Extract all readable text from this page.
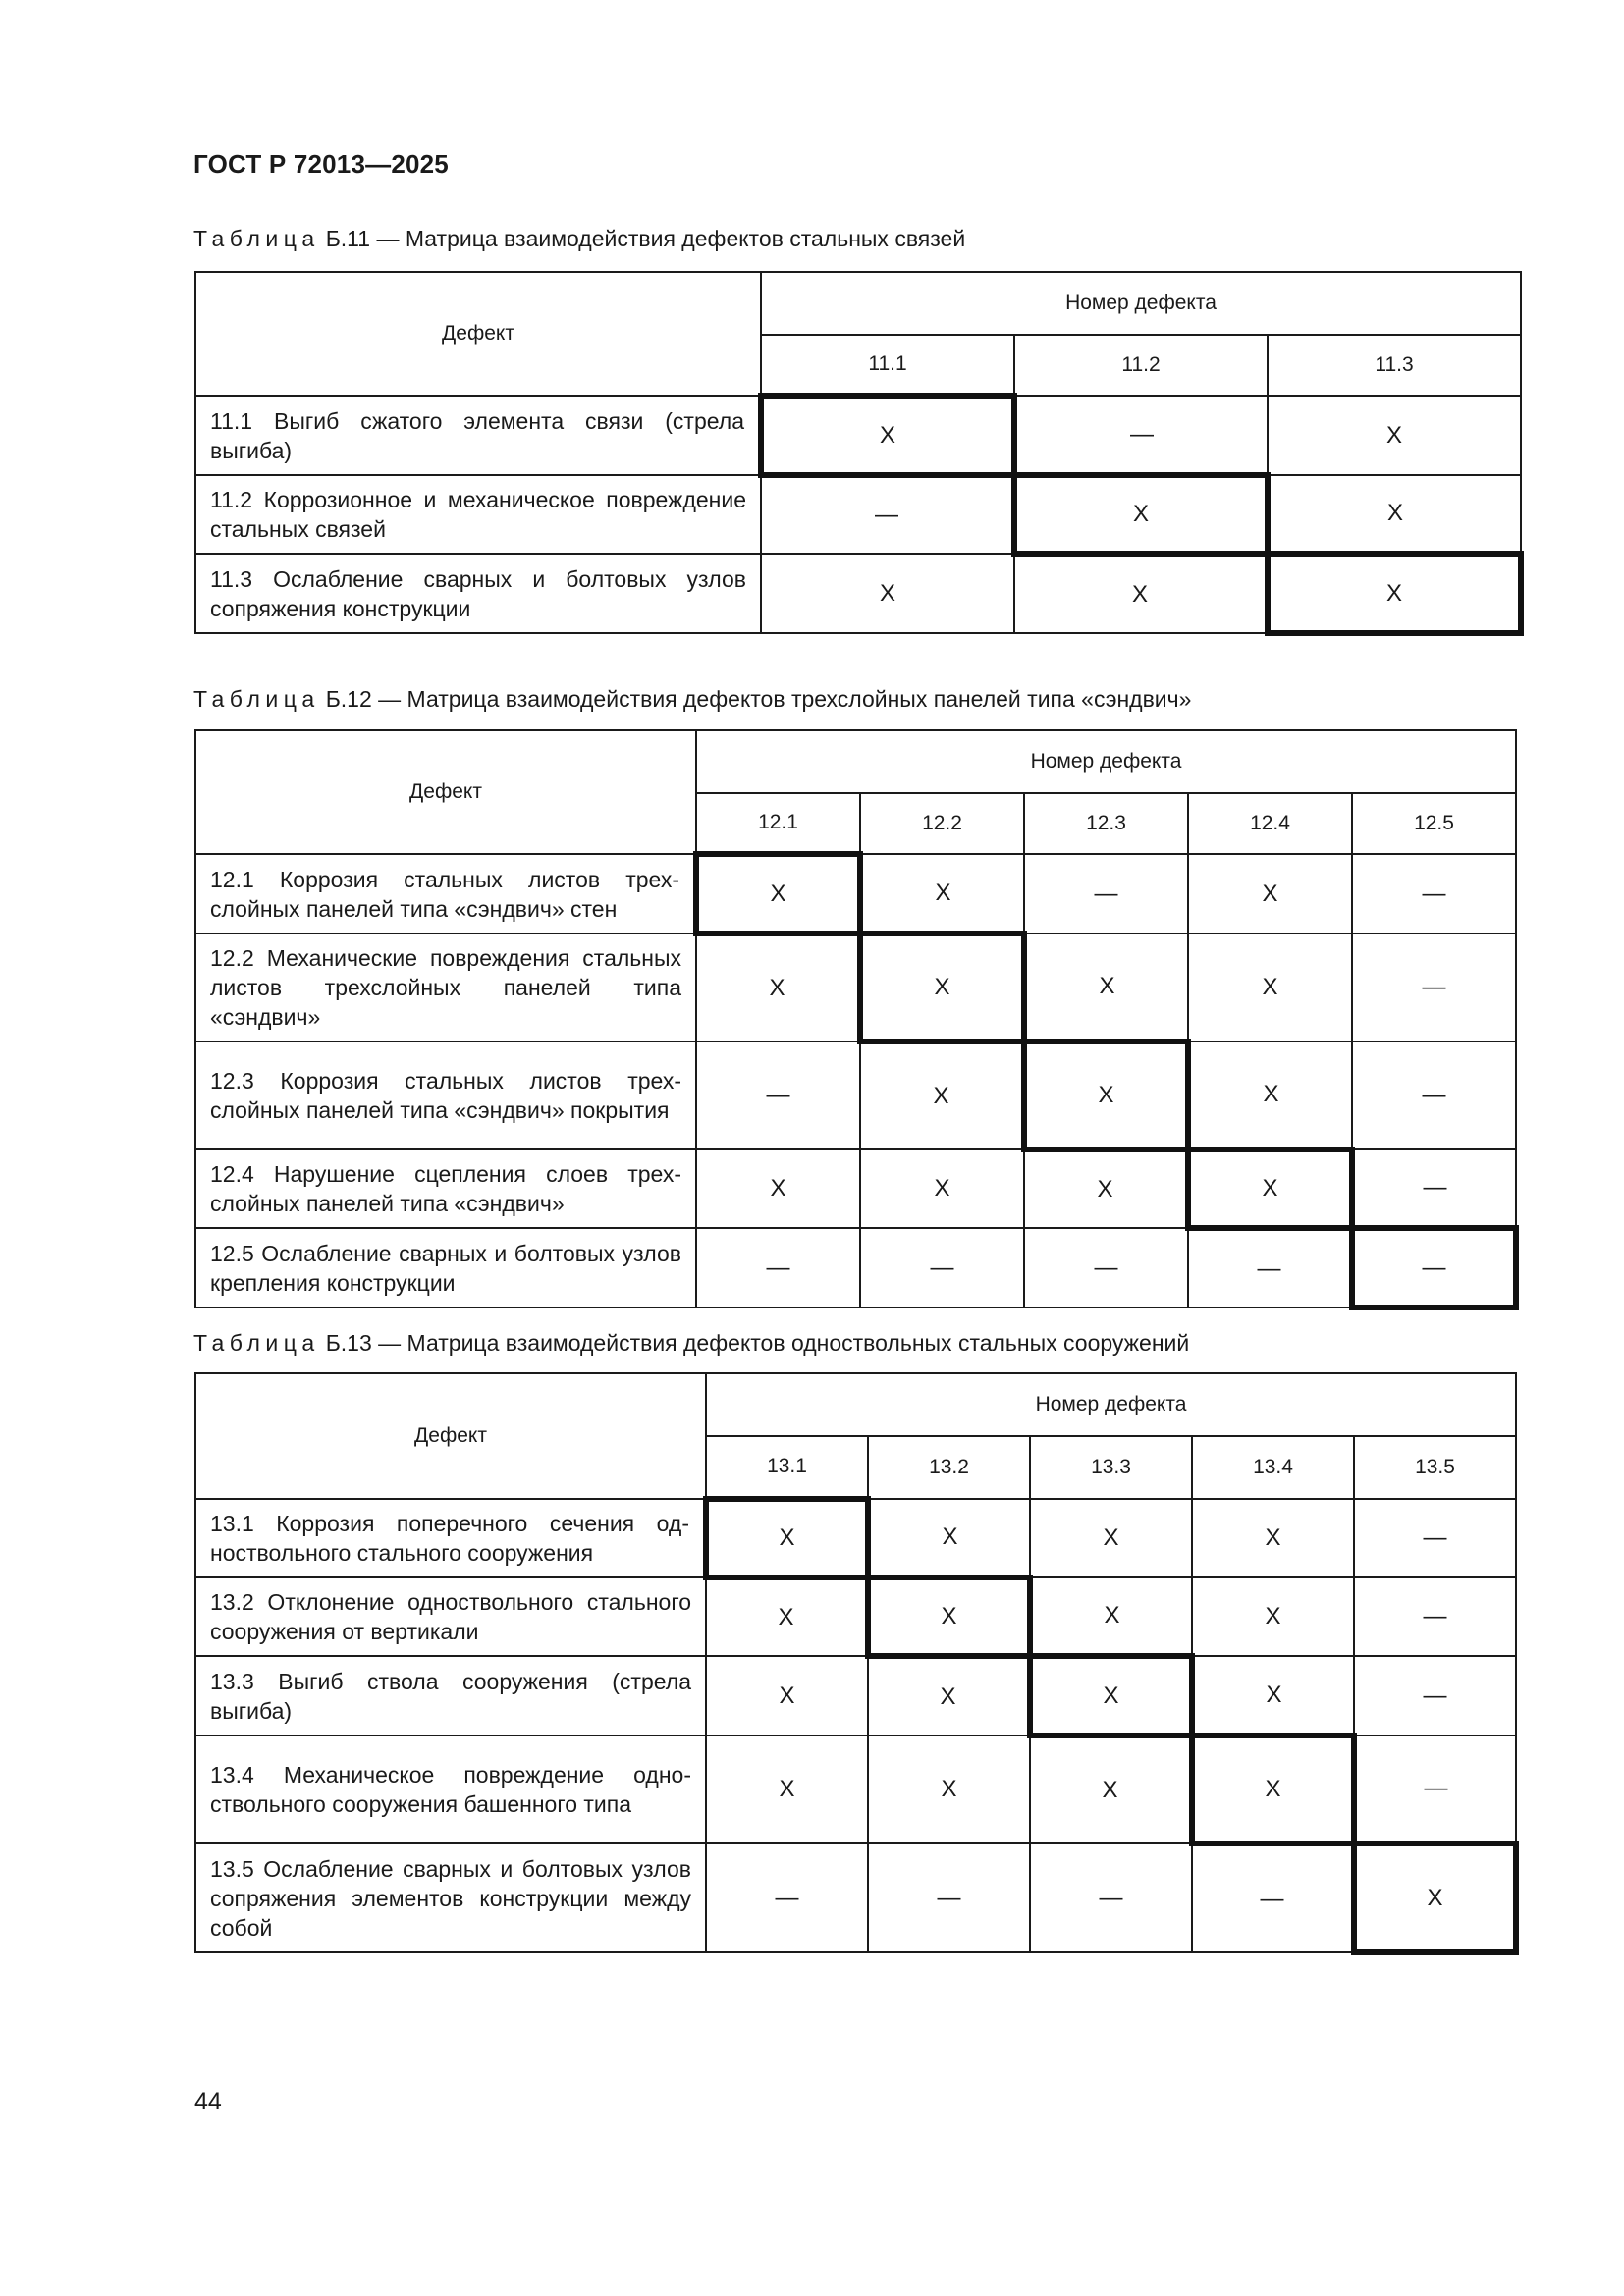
ГОСТ Р 72013—2025
Таблица Б.11 — Матрица взаимодействия дефектов стальных связей
Дефект	Номер дефекта		
	11.1	11.2	11.3
11.1 Выгиб сжатого элемента связи (стрела выгиба)	X	—	X
11.2 Коррозионное и механическое повреждение стальных связей	—	X	X
11.3 Ослабление сварных и болтовых узлов сопряжения конструкции	X	X	X
Таблица Б.12 — Матрица взаимодействия дефектов трехслойных панелей типа «сэндвич»
Дефект	Номер дефекта				
	12.1	12.2	12.3	12.4	12.5
12.1 Коррозия стальных листов трехслойных панелей типа «сэндвич» стен	X	X	—	X	—
12.2 Механические повреждения стальных листов трехслойных панелей типа «сэндвич»	X	X	X	X	—
12.3 Коррозия стальных листов трехслойных панелей типа «сэндвич» покрытия	—	X	X	X	—
12.4 Нарушение сцепления слоев трехслойных панелей типа «сэндвич»	X	X	X	X	—
12.5 Ослабление сварных и болтовых узлов крепления конструкции	—	—	—	—	—
Таблица Б.13 — Матрица взаимодействия дефектов одноствольных стальных сооружений
Дефект	Номер дефекта				
	13.1	13.2	13.3	13.4	13.5
13.1 Коррозия поперечного сечения одноствольного стального сооружения	X	X	X	X	—
13.2 Отклонение одноствольного стального сооружения от вертикали	X	X	X	X	—
13.3 Выгиб ствола сооружения (стрела выгиба)	X	X	X	X	—
13.4 Механическое повреждение одноствольного сооружения башенного типа	X	X	X	X	—
13.5 Ослабление сварных и болтовых узлов сопряжения элементов конструкции между собой	—	—	—	—	X
44
